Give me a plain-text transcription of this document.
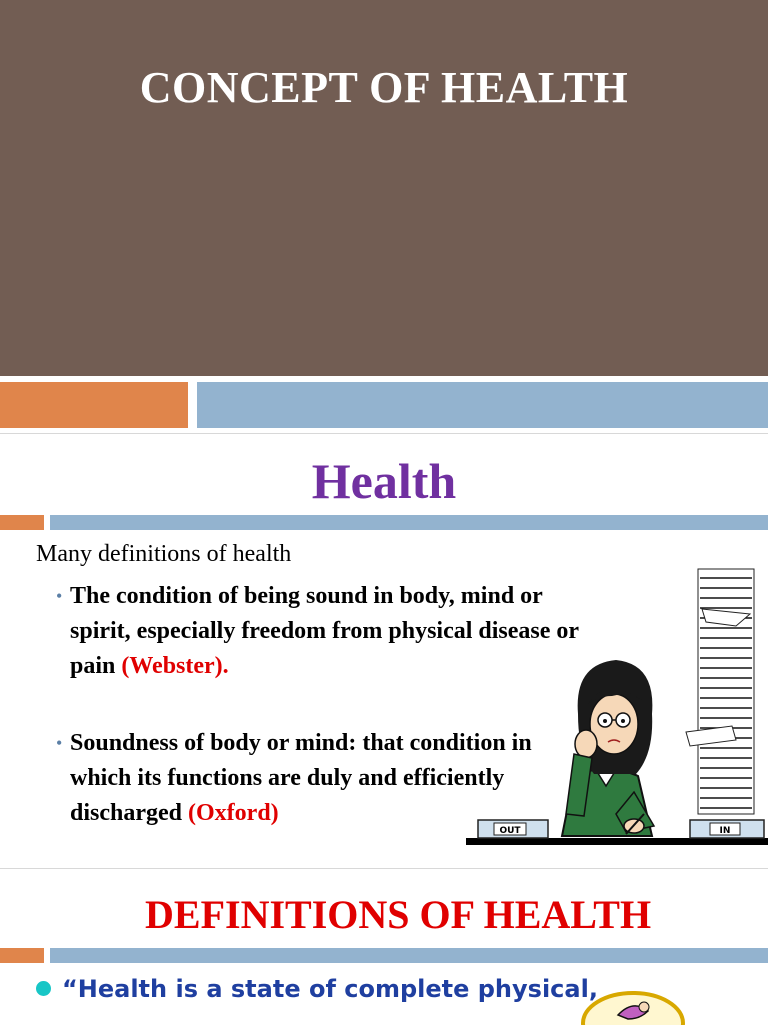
CONCEPT OF HEALTH
Health
Many definitions of health
• The condition of being sound in body, mind or spirit, especially freedom from physical disease or pain (Webster).
• Soundness of body or mind: that condition in which its functions are duly and efficiently discharged (Oxford)
IN
OUT
DEFINITIONS OF HEALTH
“Health is a state of complete physical,
